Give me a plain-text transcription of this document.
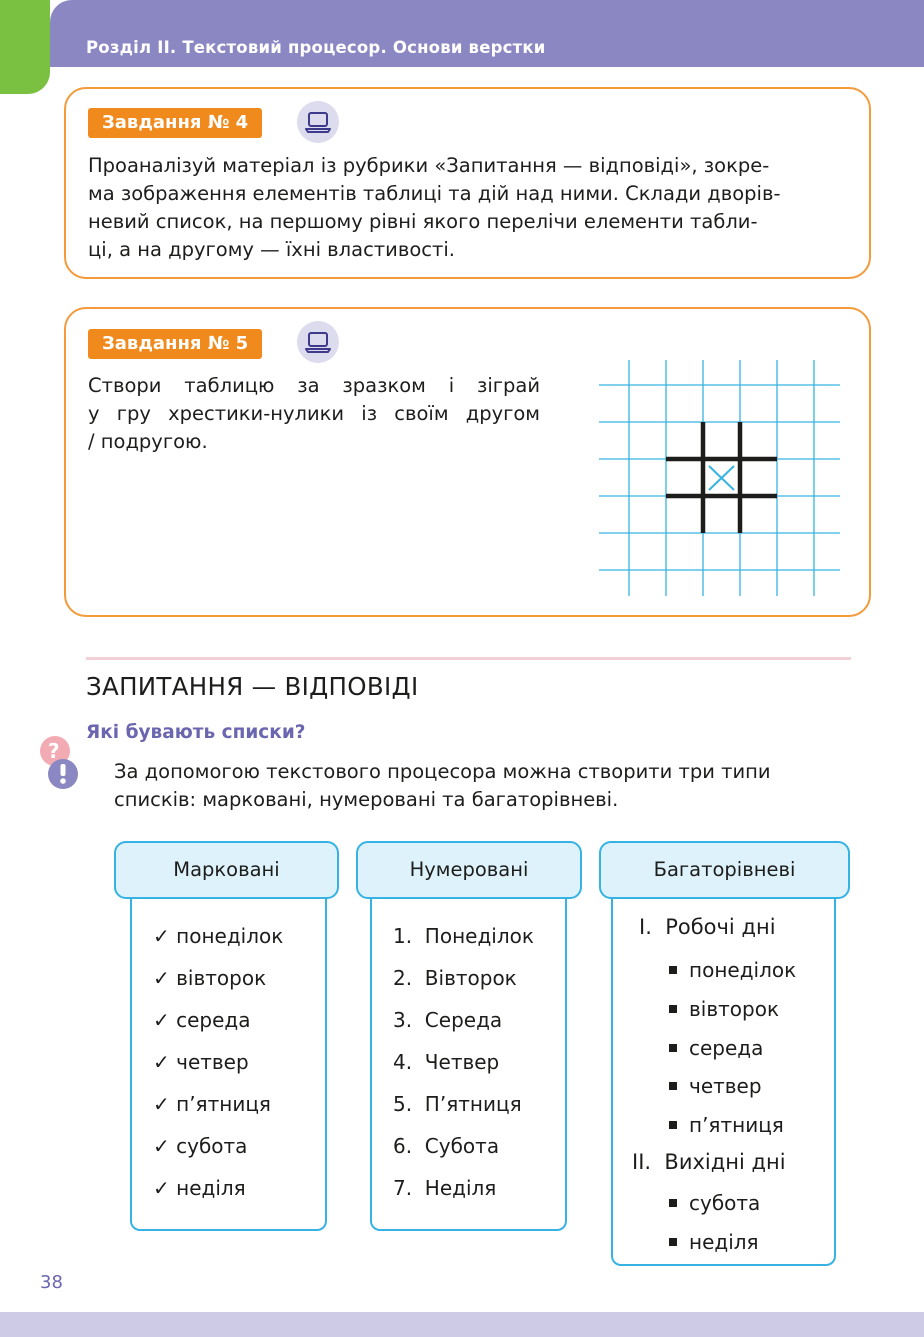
Розділ ІІ. Текстовий процесор. Основи верстки
Завдання № 4
Проаналізуй матеріал із рубрики «Запитання — відповіді», зокре-
ма зображення елементів таблиці та дій над ними. Склади дворів-
невий список, на першому рівні якого перелічи елементи табли-
ці, а на другому — їхні властивості.
Завдання № 5
Створи таблицю за зразком і зіграй
у гру хрестики-нулики із своїм другом
/ подругою.
ЗАПИТАННЯ — ВІДПОВІДІ
Які бувають списки?
?
За допомогою текстового процесора можна створити три типи
списків: марковані, нумеровані та багаторівневі.
Марковані
✓ понеділок
✓ вівторок
✓ середа
✓ четвер
✓ п’ятниця
✓ субота
✓ неділя
Нумеровані
1.  Понеділок
2.  Вівторок
3.  Середа
4.  Четвер
5.  П’ятниця
6.  Субота
7.  Неділя
Багаторівневі
І.  Робочі дні
понеділок
вівторок
середа
четвер
п’ятниця
ІІ.  Вихідні дні
субота
неділя
38
